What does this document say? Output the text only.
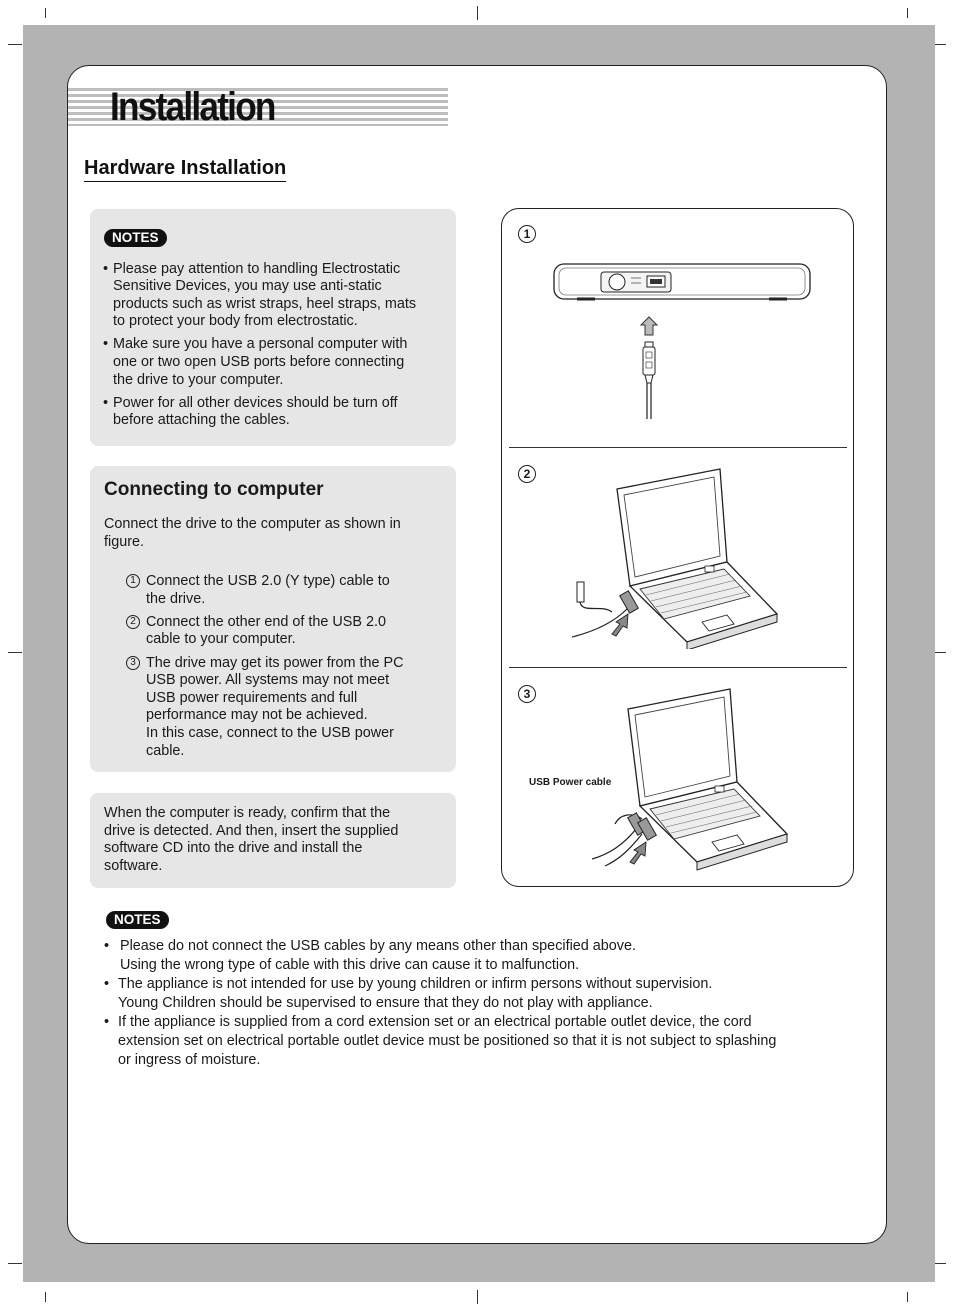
Installation
Hardware Installation
NOTES
• Please pay attention to handling Electrostatic
Sensitive Devices, you may use anti-static
products such as wrist straps, heel straps, mats
to protect your body from electrostatic.
• Make sure you have a personal computer with
one or two open USB ports before connecting
the drive to your computer.
• Power for all other devices should be turn off
before attaching the cables.
Connecting to computer
Connect the drive to the computer as shown in
figure.
1 Connect the USB 2.0 (Y type) cable to
the drive.
2 Connect the other end of the USB 2.0
cable to your computer.
3 The drive may get its power from the PC
USB power. All systems may not meet
USB power requirements and full
performance may not be achieved.
In this case, connect to the USB power
cable.
When the computer is ready, confirm that the
drive is detected. And then, insert the supplied
software CD into the drive and install the
software.
1
2
3
USB Power cable
NOTES
• Please do not connect the USB cables by any means other than specified above.
Using the wrong type of cable with this drive can cause it to malfunction.
• The appliance is not intended for use by young children or infirm persons without supervision.
Young Children should be supervised to ensure that they do not play with appliance.
• If the appliance is supplied from a cord extension set or an electrical portable outlet device, the cord
extension set on electrical portable outlet device must be positioned so that it is not subject to splashing
or ingress of moisture.
